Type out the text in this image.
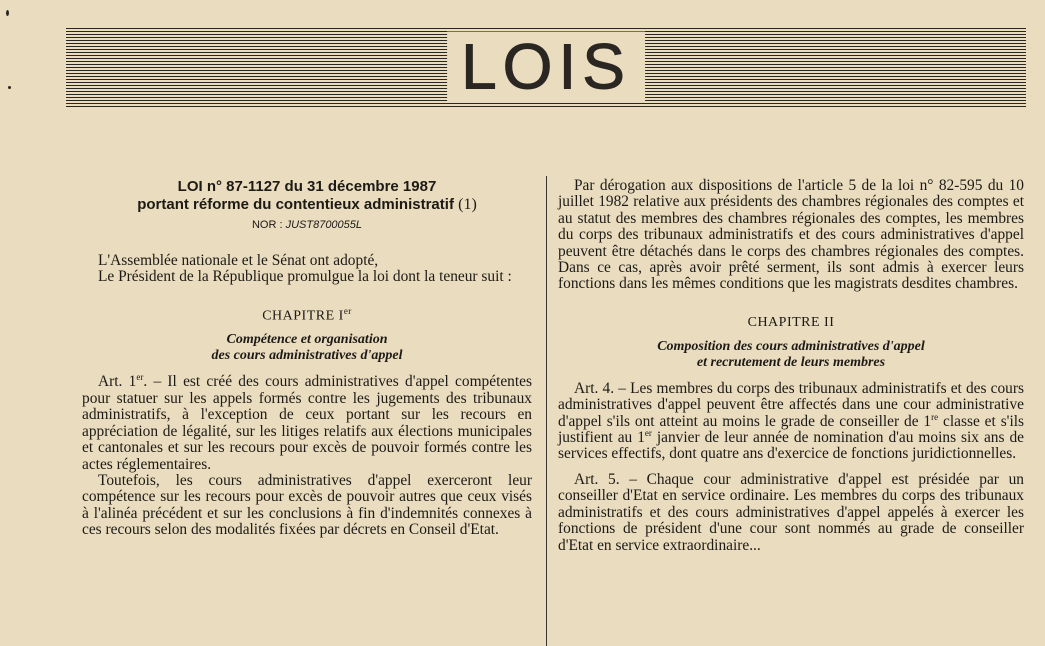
LOIS
LOI n° 87-1127 du 31 décembre 1987
portant réforme du contentieux administratif (1)
NOR : JUST8700055L

L'Assemblée nationale et le Sénat ont adopté,

Le Président de la République promulgue la loi dont la teneur suit :

CHAPITRE Ier
Compétence et organisation
des cours administratives d'appel

Art. 1er. – Il est créé des cours administratives d'appel compétentes pour statuer sur les appels formés contre les jugements des tribunaux administratifs, à l'exception de ceux portant sur les recours en appréciation de légalité, sur les litiges relatifs aux élections municipales et cantonales et sur les recours pour excès de pouvoir formés contre les actes réglementaires.

Toutefois, les cours administratives d'appel exerceront leur compétence sur les recours pour excès de pouvoir autres que ceux visés à l'alinéa précédent et sur les conclusions à fin d'indemnités connexes à ces recours selon des modalités fixées par décrets en Conseil d'Etat.

Par dérogation aux dispositions de l'article 5 de la loi n° 82-595 du 10 juillet 1982 relative aux présidents des chambres régionales des comptes et au statut des membres des chambres régionales des comptes, les membres du corps des tribunaux administratifs et des cours administratives d'appel peuvent être détachés dans le corps des chambres régionales des comptes. Dans ce cas, après avoir prêté serment, ils sont admis à exercer leurs fonctions dans les mêmes conditions que les magistrats desdites chambres.

CHAPITRE II
Composition des cours administratives d'appel
et recrutement de leurs membres

Art. 4. – Les membres du corps des tribunaux administratifs et des cours administratives d'appel peuvent être affectés dans une cour administrative d'appel s'ils ont atteint au moins le grade de conseiller de 1re classe et s'ils justifient au 1er janvier de leur année de nomination d'au moins six ans de services effectifs, dont quatre ans d'exercice de fonctions juridictionnelles.

Art. 5. – Chaque cour administrative d'appel est présidée par un conseiller d'Etat en service ordinaire. Les membres du corps des tribunaux administratifs et des cours administratives d'appel appelés à exercer les fonctions de président d'une cour sont nommés au grade de conseiller d'Etat en service extraordinaire...
